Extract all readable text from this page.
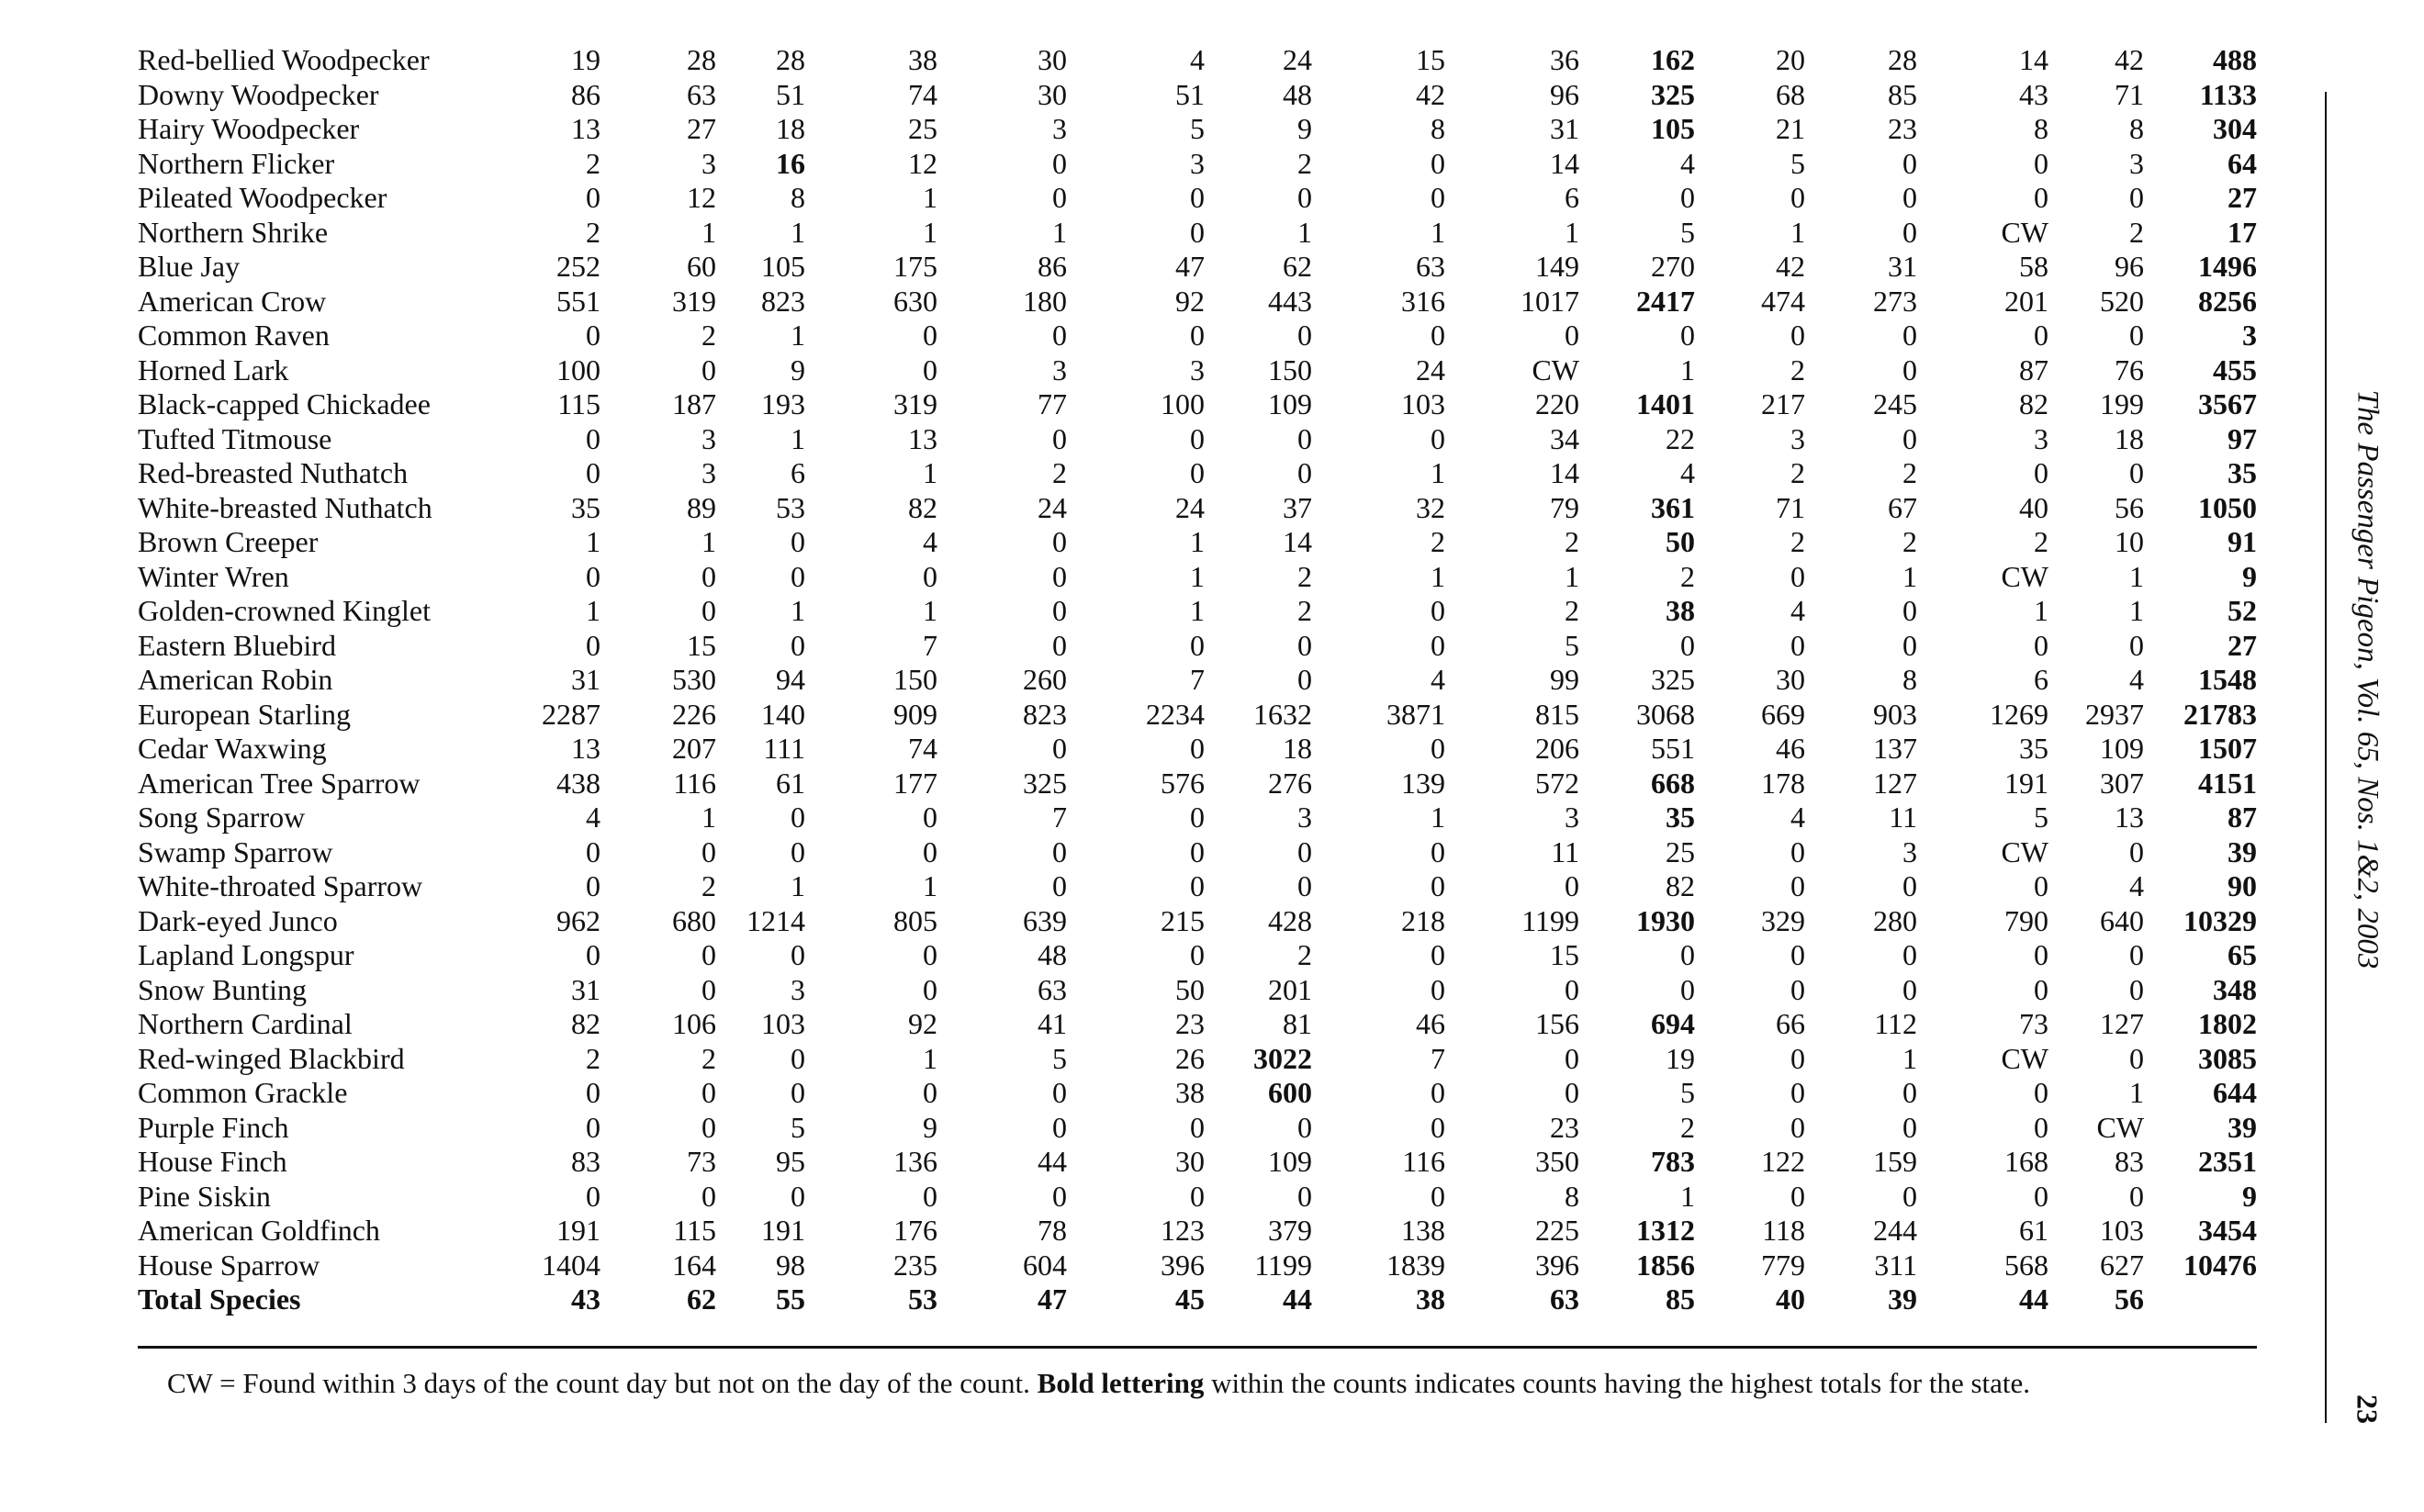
Red-bellied Woodpecker	19	28	28	38	30	4	24	15	36	162	20	28	14	42	488
Downy Woodpecker	86	63	51	74	30	51	48	42	96	325	68	85	43	71	1133
Hairy Woodpecker	13	27	18	25	3	5	9	8	31	105	21	23	8	8	304
Northern Flicker	2	3	16	12	0	3	2	0	14	4	5	0	0	3	64
Pileated Woodpecker	0	12	8	1	0	0	0	0	6	0	0	0	0	0	27
Northern Shrike	2	1	1	1	1	0	1	1	1	5	1	0	CW	2	17
Blue Jay	252	60	105	175	86	47	62	63	149	270	42	31	58	96	1496
American Crow	551	319	823	630	180	92	443	316	1017	2417	474	273	201	520	8256
Common Raven	0	2	1	0	0	0	0	0	0	0	0	0	0	0	3
Horned Lark	100	0	9	0	3	3	150	24	CW	1	2	0	87	76	455
Black-capped Chickadee	115	187	193	319	77	100	109	103	220	1401	217	245	82	199	3567
Tufted Titmouse	0	3	1	13	0	0	0	0	34	22	3	0	3	18	97
Red-breasted Nuthatch	0	3	6	1	2	0	0	1	14	4	2	2	0	0	35
White-breasted Nuthatch	35	89	53	82	24	24	37	32	79	361	71	67	40	56	1050
Brown Creeper	1	1	0	4	0	1	14	2	2	50	2	2	2	10	91
Winter Wren	0	0	0	0	0	1	2	1	1	2	0	1	CW	1	9
Golden-crowned Kinglet	1	0	1	1	0	1	2	0	2	38	4	0	1	1	52
Eastern Bluebird	0	15	0	7	0	0	0	0	5	0	0	0	0	0	27
American Robin	31	530	94	150	260	7	0	4	99	325	30	8	6	4	1548
European Starling	2287	226	140	909	823	2234	1632	3871	815	3068	669	903	1269	2937	21783
Cedar Waxwing	13	207	111	74	0	0	18	0	206	551	46	137	35	109	1507
American Tree Sparrow	438	116	61	177	325	576	276	139	572	668	178	127	191	307	4151
Song Sparrow	4	1	0	0	7	0	3	1	3	35	4	11	5	13	87
Swamp Sparrow	0	0	0	0	0	0	0	0	11	25	0	3	CW	0	39
White-throated Sparrow	0	2	1	1	0	0	0	0	0	82	0	0	0	4	90
Dark-eyed Junco	962	680	1214	805	639	215	428	218	1199	1930	329	280	790	640	10329
Lapland Longspur	0	0	0	0	48	0	2	0	15	0	0	0	0	0	65
Snow Bunting	31	0	3	0	63	50	201	0	0	0	0	0	0	0	348
Northern Cardinal	82	106	103	92	41	23	81	46	156	694	66	112	73	127	1802
Red-winged Blackbird	2	2	0	1	5	26	3022	7	0	19	0	1	CW	0	3085
Common Grackle	0	0	0	0	0	38	600	0	0	5	0	0	0	1	644
Purple Finch	0	0	5	9	0	0	0	0	23	2	0	0	0	CW	39
House Finch	83	73	95	136	44	30	109	116	350	783	122	159	168	83	2351
Pine Siskin	0	0	0	0	0	0	0	0	8	1	0	0	0	0	9
American Goldfinch	191	115	191	176	78	123	379	138	225	1312	118	244	61	103	3454
House Sparrow	1404	164	98	235	604	396	1199	1839	396	1856	779	311	568	627	10476
Total Species	43	62	55	53	47	45	44	38	63	85	40	39	44	56	
CW = Found within 3 days of the count day but not on the day of the count. Bold lettering within the counts indicates counts having the highest totals for the state.
The Passenger Pigeon, Vol. 65, Nos. 1&2, 2003
23
